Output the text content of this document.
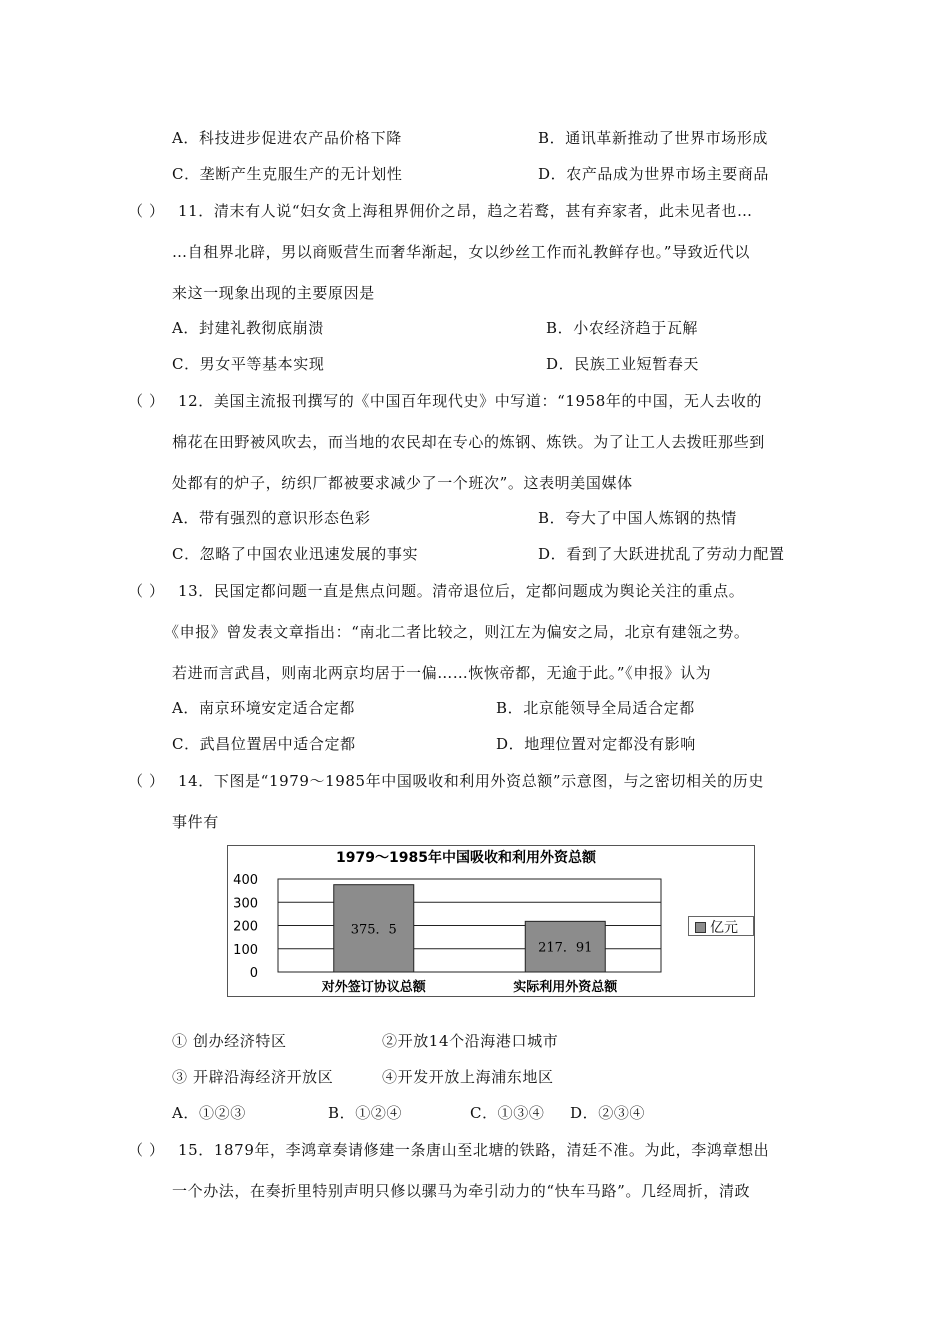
A．科技进步促进农产品价格下降	B．通讯革新推动了世界市场形成
C．垄断产生克服生产的无计划性	D．农产品成为世界市场主要商品
（ ） 11．清末有人说“妇女贪上海租界佣价之昂，趋之若鹜，甚有弃家者，此未见者也…
…自租界北辟，男以商贩营生而奢华渐起，女以纱丝工作而礼教鲜存也。”导致近代以
来这一现象出现的主要原因是
A．封建礼教彻底崩溃	B．小农经济趋于瓦解
C．男女平等基本实现	D．民族工业短暂春天
（ ） 12．美国主流报刊撰写的《中国百年现代史》中写道：“1958年的中国，无人去收的
棉花在田野被风吹去，而当地的农民却在专心的炼钢、炼铁。为了让工人去拨旺那些到
处都有的炉子，纺织厂都被要求减少了一个班次”。这表明美国媒体
A．带有强烈的意识形态色彩	B．夸大了中国人炼钢的热情
C．忽略了中国农业迅速发展的事实	D．看到了大跃进扰乱了劳动力配置
（ ） 13．民国定都问题一直是焦点问题。清帝退位后，定都问题成为舆论关注的重点。
《申报》曾发表文章指出：“南北二者比较之，则江左为偏安之局，北京有建瓴之势。
若进而言武昌，则南北两京均居于一偏……恢恢帝都，无逾于此。”《申报》认为
A．南京环境安定适合定都	B．北京能领导全局适合定都
C．武昌位置居中适合定都	D．地理位置对定都没有影响
（ ） 14．下图是“1979～1985年中国吸收和利用外资总额”示意图，与之密切相关的历史
事件有
1979～1985年中国吸收和利用外资总额
0
100
200
300
400
375．5
217．91
对外签订协议总额	实际利用外资总额
亿元
① 创办经济特区	②开放14个沿海港口城市
③ 开辟沿海经济开放区	④开发开放上海浦东地区
A．①②③	B．①②④	C．①③④ D．②③④
（ ） 15．1879年，李鸿章奏请修建一条唐山至北塘的铁路，清廷不准。为此，李鸿章想出
一个办法，在奏折里特别声明只修以骡马为牵引动力的“快车马路”。几经周折，清政
